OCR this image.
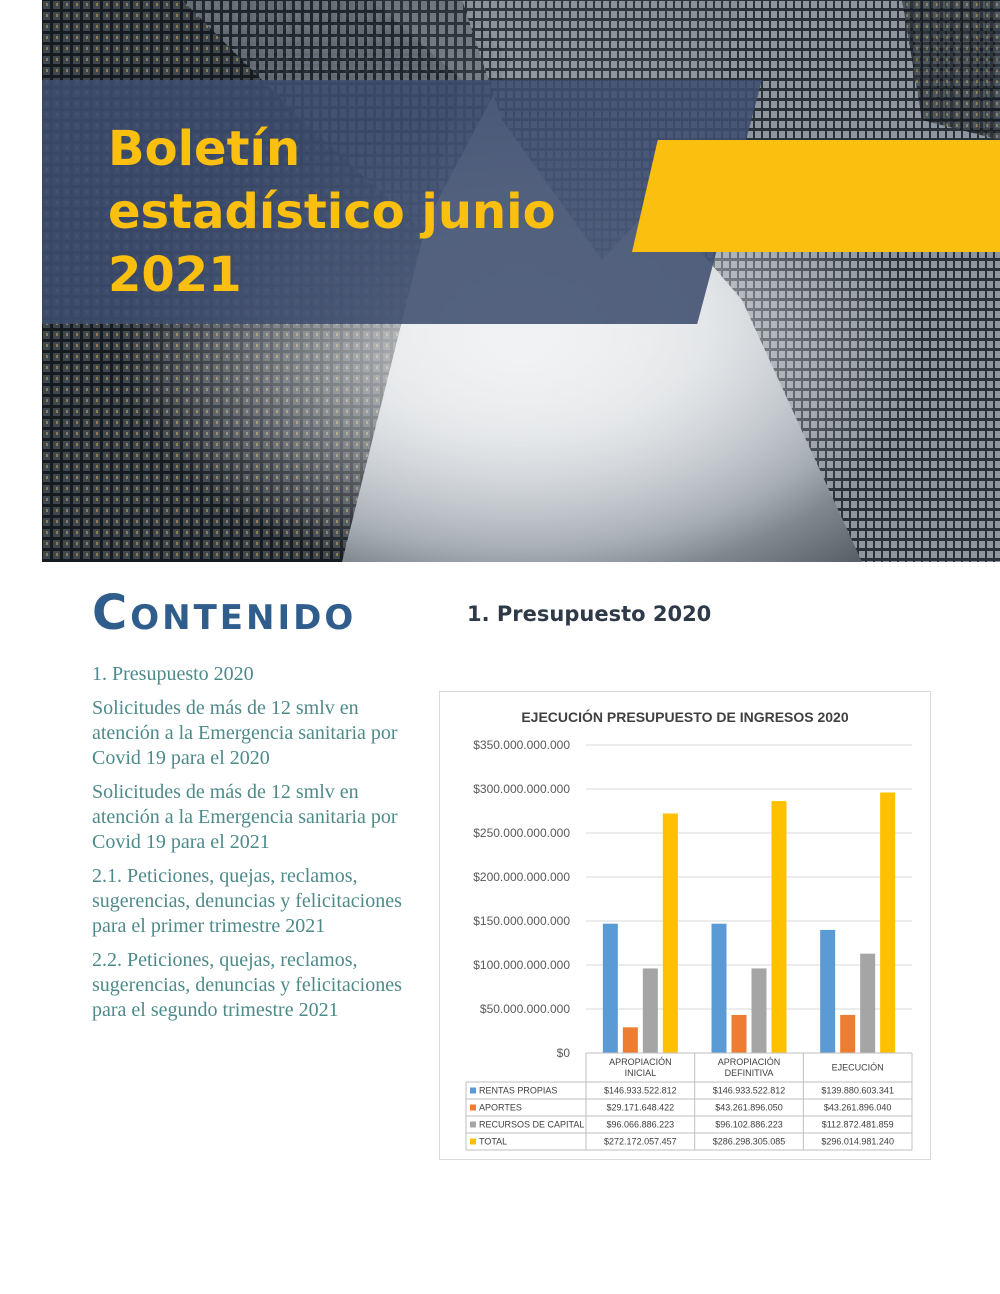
Boletín
estadístico junio
2021
CONTENIDO
1. Presupuesto 2020
Solicitudes de más de 12 smlv en atención a la Emergencia sanitaria por Covid 19 para el 2020
Solicitudes de más de 12 smlv en atención a la Emergencia sanitaria por Covid 19 para el 2021
2.1. Peticiones, quejas, reclamos, sugerencias, denuncias y felicitaciones para el primer trimestre 2021
2.2. Peticiones, quejas, reclamos, sugerencias, denuncias y felicitaciones para el segundo trimestre 2021
1. Presupuesto 2020
EJECUCIÓN PRESUPUESTO DE INGRESOS 2020
$0
$50.000.000.000
$100.000.000.000
$150.000.000.000
$200.000.000.000
$250.000.000.000
$300.000.000.000
$350.000.000.000
APROPIACIÓN
INICIAL
APROPIACIÓN
DEFINITIVA
EJECUCIÓN
RENTAS PROPIAS	$146.933.522.812	$146.933.522.812	$139.880.603.341
APORTES	$29.171.648.422	$43.261.896.050	$43.261.896.040
RECURSOS DE CAPITAL $96.066.886.223	$96.102.886.223	$112.872.481.859
TOTAL	$272.172.057.457	$286.298.305.085	$296.014.981.240
